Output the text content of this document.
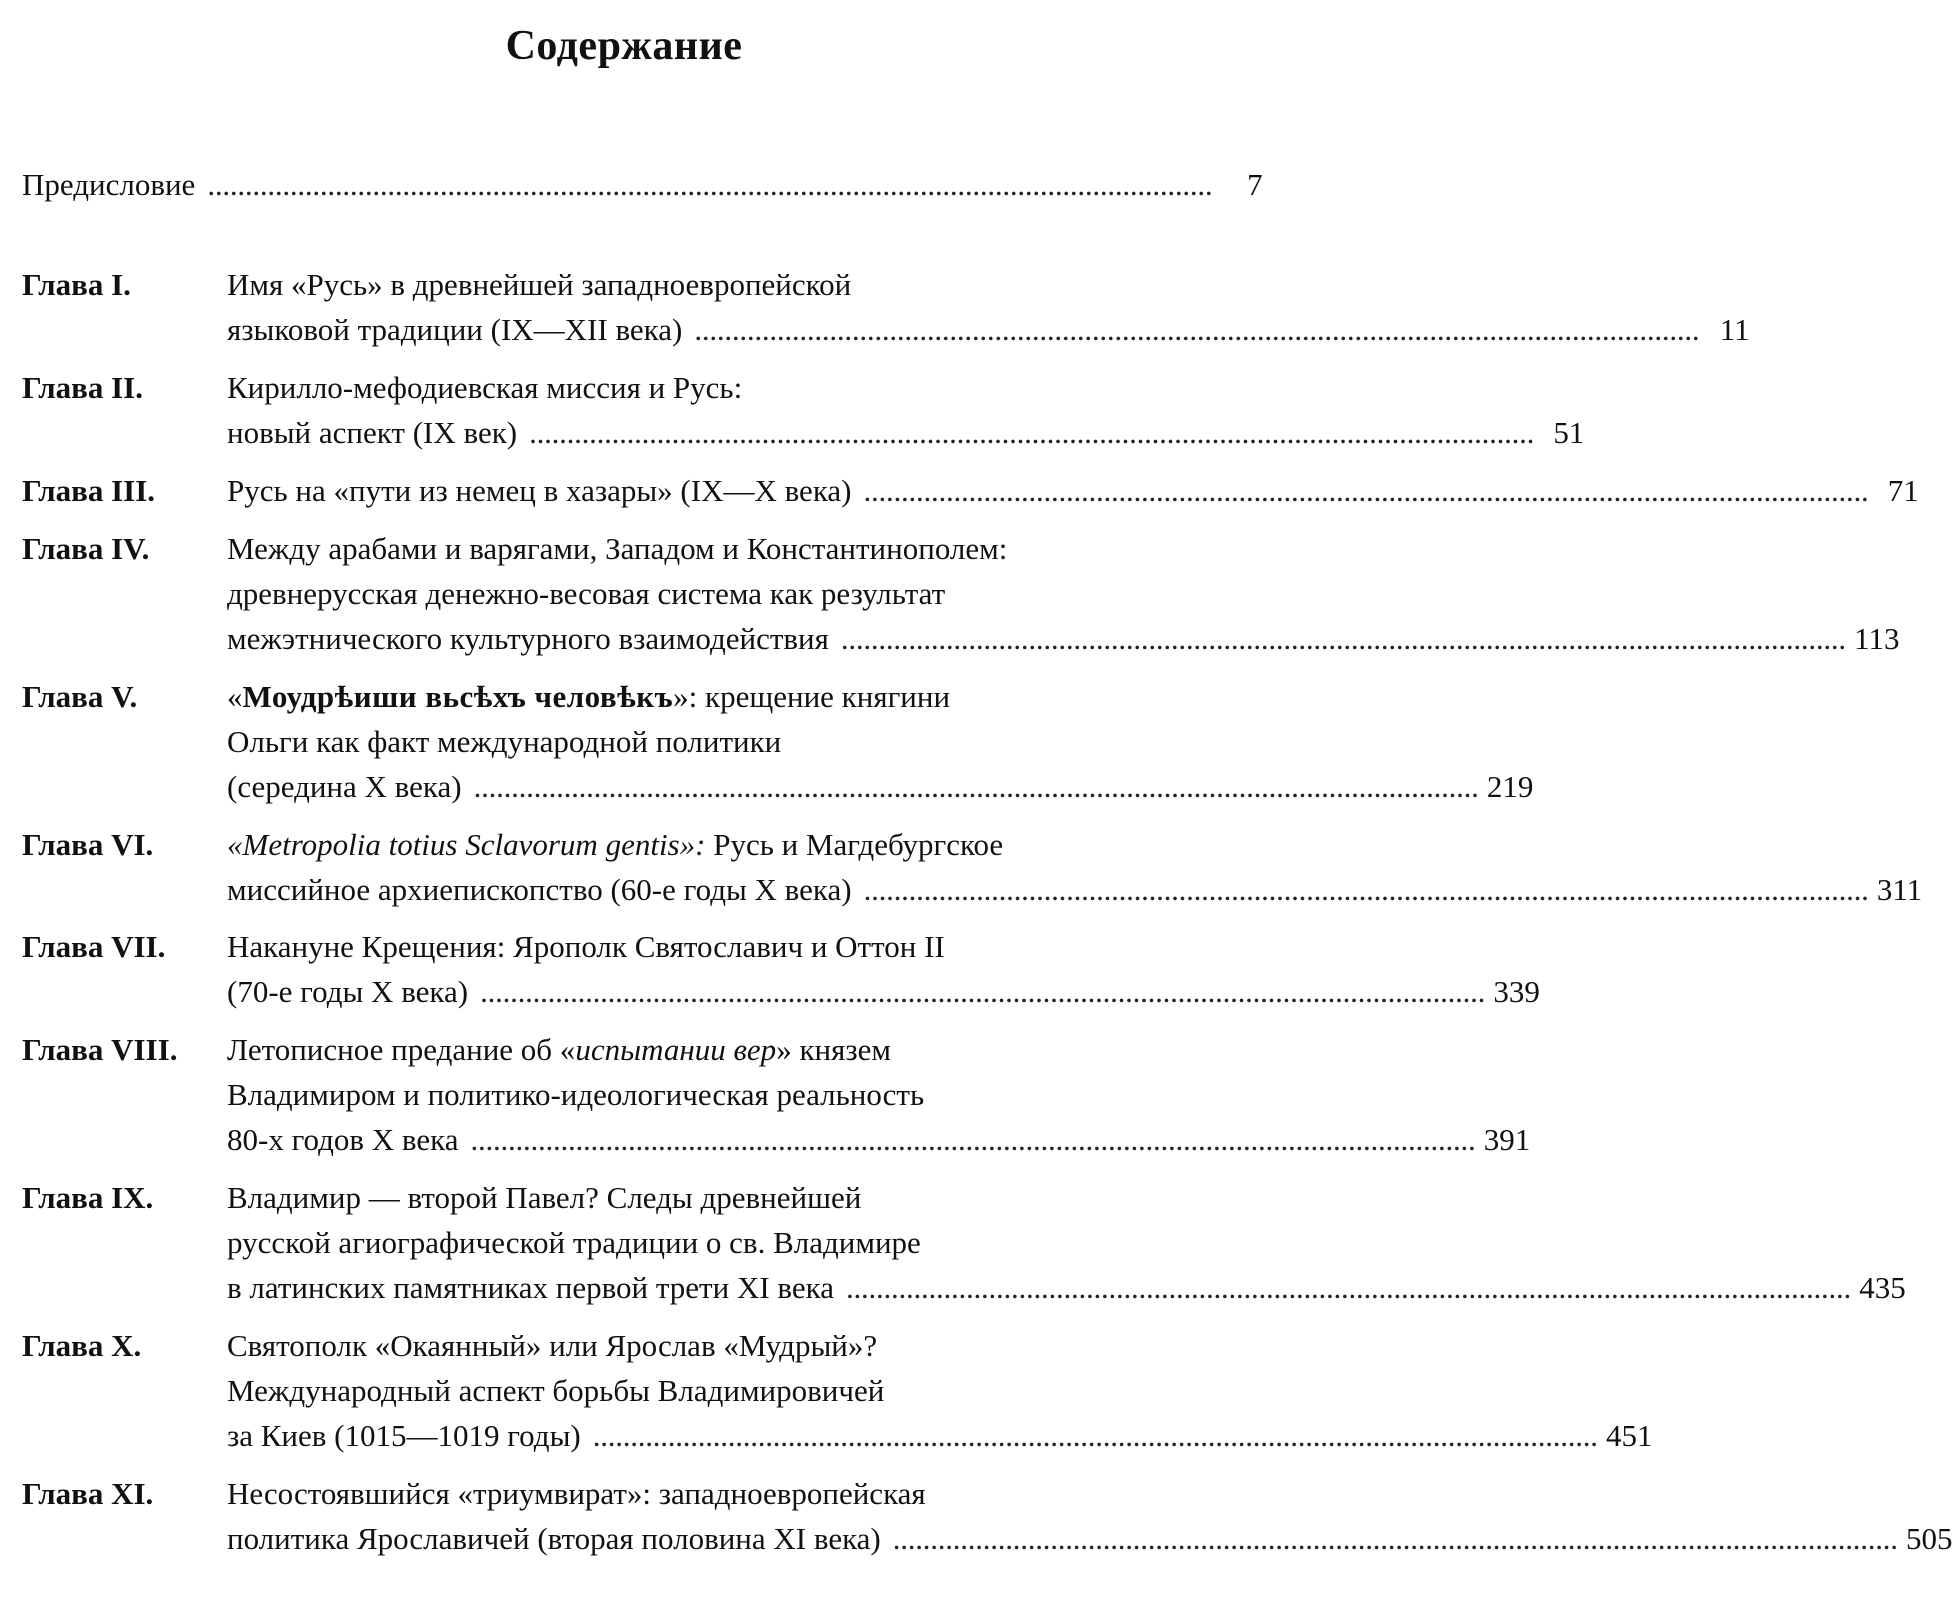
Содержание
Предисловие . . .	7
Глава I.	Имя «Русь» в древнейшей западноевропейской
языковой традиции (IX—XII века) . . .	11
Глава II.	Кирилло-мефодиевская миссия и Русь:
новый аспект (IX век) . . .	51
Глава III.	Русь на «пути из немец в хазары» (IX—X века) . . .	71
Глава IV.	Между арабами и варягами, Западом и Константинополем:
древнерусская денежно-весовая система как результат
межэтнического культурного взаимодействия . . .	113
Глава V.	«Моудрѣиши вьсѣхъ человѣкъ»: крещение княгини
Ольги как факт международной политики
(середина X века) . . .	219
Глава VI.	«Metropolia totius Sclavorum gentis»: Русь и Магдебургское
миссийное архиепископство (60-е годы X века) . . .	311
Глава VII.	Накануне Крещения: Ярополк Святославич и Оттон II
(70-е годы X века) . . .	339
Глава VIII.	Летописное предание об «испытании вер» князем
Владимиром и политико-идеологическая реальность
80-х годов X века . . .	391
Глава IX.	Владимир — второй Павел? Следы древнейшей
русской агиографической традиции о св. Владимире
в латинских памятниках первой трети XI века . . .	435
Глава X.	Святополк «Окаянный» или Ярослав «Мудрый»?
Международный аспект борьбы Владимировичей
за Киев (1015—1019 годы) . . .	451
Глава XI.	Несостоявшийся «триумвират»: западноевропейская
политика Ярославичей (вторая половина XI века) . . .	505
